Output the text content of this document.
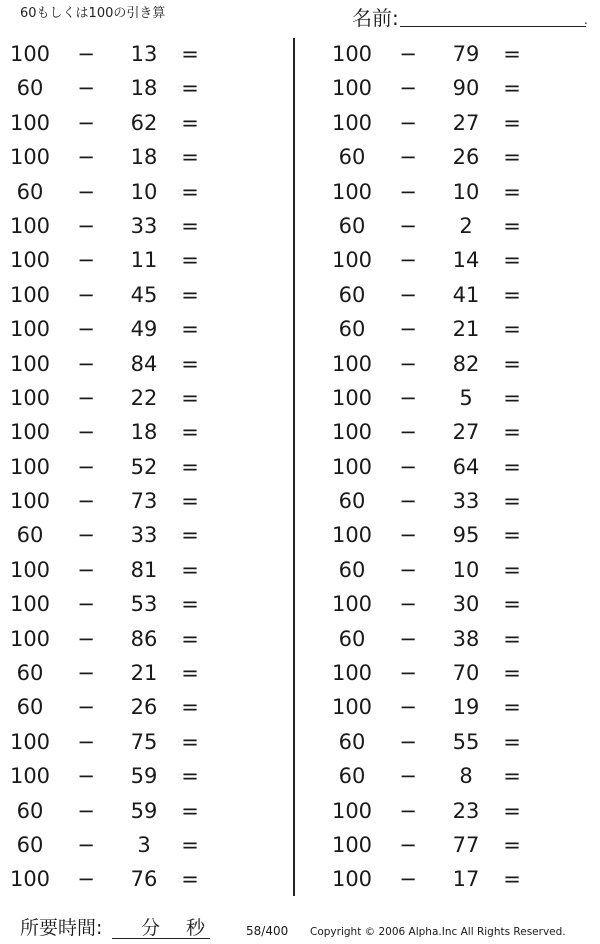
60もしくは100の引き算	名前:	.
100 −	13	=
60	−	18	=
100 −	62	=
100 −	18	=
60	−	10	=
100 −	33	=
100 −	11	=
100 −	45	=
100 −	49	=
100 −	84	=
100 −	22	=
100 −	18	=
100 −	52	=
100 −	73	=
60	−	33	=
100 −	81	=
100 −	53	=
100 −	86	=
60	−	21	=
60	−	26	=
100 −	75	=
100 −	59	=
60	−	59	=
60	−	3	=
100 −	76	=
100 −	79	=
100 −	90	=
100 −	27	=
60	−	26	=
100 −	10	=
60	−	2	=
100 −	14	=
60	−	41	=
60	−	21	=
100 −	82	=
100 −	5	=
100 −	27	=
100 −	64	=
60	−	33	=
100 −	95	=
60	−	10	=
100 −	30	=
60	−	38	=
100 −	70	=
100 −	19	=
60	−	55	=
60	−	8	=
100 −	23	=
100 −	77	=
100 −	17	=
所要時間: 分 秒	58/400 Copyright © 2006 Alpha.Inc All Rights Reserved.
